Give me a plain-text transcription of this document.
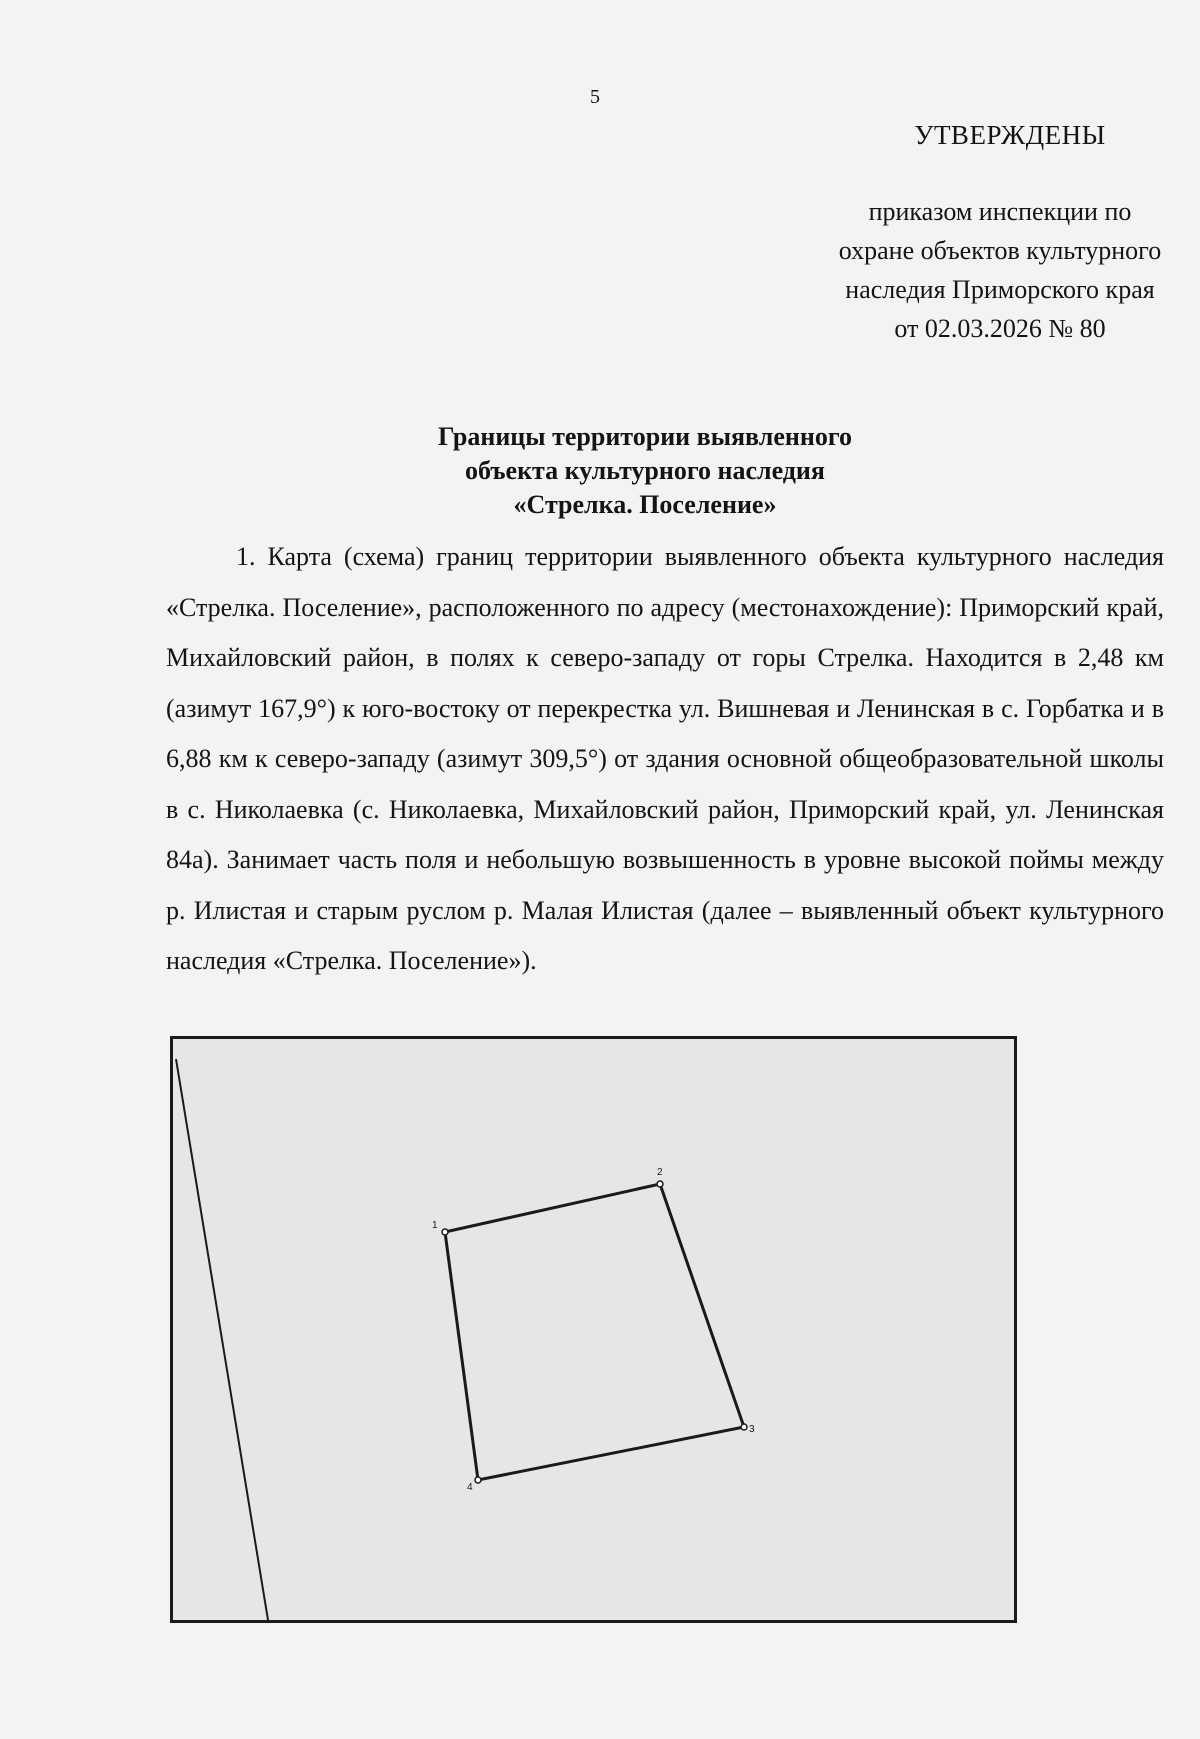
5
УТВЕРЖДЕНЫ
приказом инспекции по
охране объектов культурного
наследия Приморского края
от 02.03.2026 № 80
Границы территории выявленного
объекта культурного наследия
«Стрелка. Поселение»
1. Карта (схема) границ территории выявленного объекта культурного наследия «Стрелка. Поселение», расположенного по адресу (местонахождение): Приморский край, Михайловский район, в полях к северо-западу от горы Стрелка. Находится в 2,48 км (азимут 167,9°) к юго-востоку от перекрестка ул. Вишневая и Ленинская в с. Горбатка и в 6,88 км к северо-западу (азимут 309,5°) от здания основной общеобразовательной школы в с. Николаевка (с. Николаевка, Михайловский район, Приморский край, ул. Ленинская 84а). Занимает часть поля и небольшую возвышенность в уровне высокой поймы между р. Илистая и старым руслом р. Малая Илистая (далее – выявленный объект культурного наследия «Стрелка. Поселение»).
1
2
3
4
